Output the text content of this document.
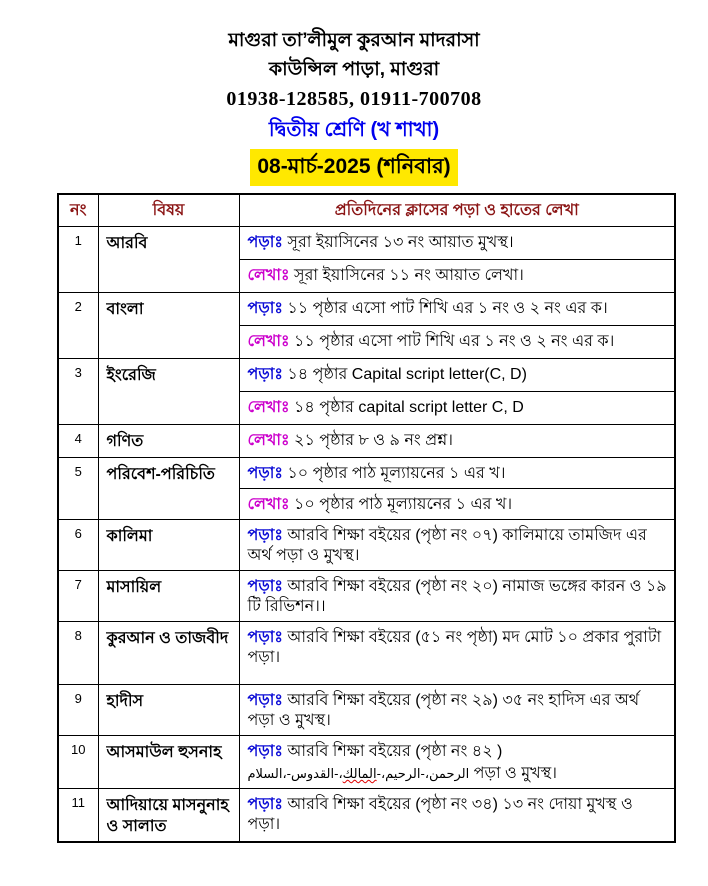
মাগুরা তা’লীমুল কুরআন মাদরাসা
কাউন্সিল পাড়া, মাগুরা
01938-128585, 01911-700708
দ্বিতীয় শ্রেণি (খ শাখা)
08-মার্চ-2025 (শনিবার)
নং	বিষয়	প্রতিদিনের ক্লাসের পড়া ও হাতের লেখা
1	আরবি	পড়াঃ সূরা ইয়াসিনের ১৩ নং আয়াত মুখস্থ।
		লেখাঃ সূরা ইয়াসিনের ১১ নং আয়াত লেখা।
2	বাংলা	পড়াঃ ১১ পৃষ্ঠার এসো পাট শিখি এর ১ নং ও ২ নং এর ক।
		লেখাঃ ১১ পৃষ্ঠার এসো পাট শিখি এর ১ নং ও ২ নং এর ক।
3	ইংরেজি	পড়াঃ ১৪ পৃষ্ঠার Capital script letter(C, D)
		লেখাঃ ১৪ পৃষ্ঠার capital script letter C, D
4	গণিত	লেখাঃ ২১ পৃষ্ঠার ৮ ও ৯ নং প্রশ্ন।
5	পরিবেশ-পরিচিতি	পড়াঃ ১০ পৃষ্ঠার পাঠ মূল্যায়নের ১ এর খ।
		লেখাঃ ১০ পৃষ্ঠার পাঠ মূল্যায়নের ১ এর খ।
6	কালিমা	পড়াঃ আরবি শিক্ষা বইয়ের (পৃষ্ঠা নং ০৭) কালিমায়ে তামজিদ এর অর্থ পড়া ও মুখস্থ।
7	মাসায়িল	পড়াঃ আরবি শিক্ষা বইয়ের (পৃষ্ঠা নং ২০) নামাজ ভঙ্গের কারন ও ১৯ টি রিভিশন।।
8	কুরআন ও তাজবীদ	পড়াঃ আরবি শিক্ষা বইয়ের (৫১ নং পৃষ্ঠা) মদ মোট ১০ প্রকার পুরাটা পড়া।
9	হাদীস	পড়াঃ আরবি শিক্ষা বইয়ের (পৃষ্ঠা নং ২৯) ৩৫ নং হাদিস এর অর্থ পড়া ও মুখস্থ।
10	আসমাউল হুসনাহ	পড়াঃ আরবি শিক্ষা বইয়ের (পৃষ্ঠা নং ৪২ )
الرحمن،-الرحيم،-المالك،-القدوس-،السلام পড়া ও মুখস্থ।

11	আদিয়ায়ে মাসনুনাহ ও সালাত	পড়াঃ আরবি শিক্ষা বইয়ের (পৃষ্ঠা নং ৩৪) ১৩ নং দোয়া মুখস্থ ও পড়া।
